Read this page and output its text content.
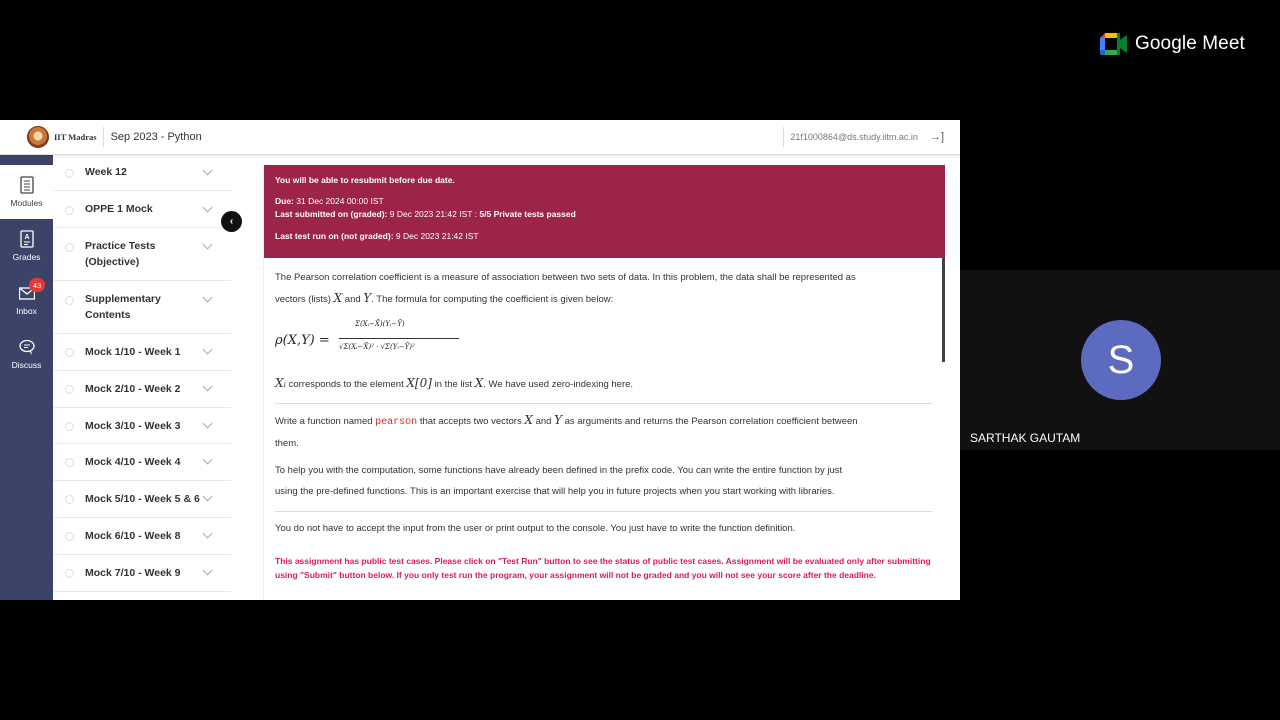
Google Meet
S
SARTHAK GAUTAM
IIT Madras Sep 2023 - Python	21f1000864@ds.study.iitm.ac.in →]
Modules
A
Grades
Inbox
43
Discuss
Week 12
OPPE 1 Mock
Practice Tests (Objective)
Supplementary Contents
Mock 1/10 - Week 1
Mock 2/10 - Week 2
Mock 3/10 - Week 3
Mock 4/10 - Week 4
Mock 5/10 - Week 5 & 6
Mock 6/10 - Week 8
Mock 7/10 - Week 9
‹
You will be able to resubmit before due date.
Due: 31 Dec 2024 00:00 IST
Last submitted on (graded): 9 Dec 2023 21:42 IST : 5/5 Private tests passed
Last test run on (not graded): 9 Dec 2023 21:42 IST
The Pearson correlation coefficient is a measure of association between two sets of data. In this problem, the data shall be represented as
vectors (lists) X and Y. The formula for computing the coefficient is given below:
ρ(X,Y) =
Σ(Xᵢ−X̄)(Yᵢ−Ȳ)
√Σ(Xᵢ−X̄)² · √Σ(Yᵢ−Ȳ)²
Xᵢ corresponds to the element X[0] in the list X. We have used zero-indexing here.
Write a function named pearson that accepts two vectors X and Y as arguments and returns the Pearson correlation coefficient between
them.
To help you with the computation, some functions have already been defined in the prefix code. You can write the entire function by just
using the pre-defined functions. This is an important exercise that will help you in future projects when you start working with libraries.
You do not have to accept the input from the user or print output to the console. You just have to write the function definition.
This assignment has public test cases. Please click on "Test Run" button to see the status of public test cases. Assignment will be evaluated only after submitting using "Submit" button below. If you only test run the program, your assignment will not be graded and you will not see your score after the deadline.
